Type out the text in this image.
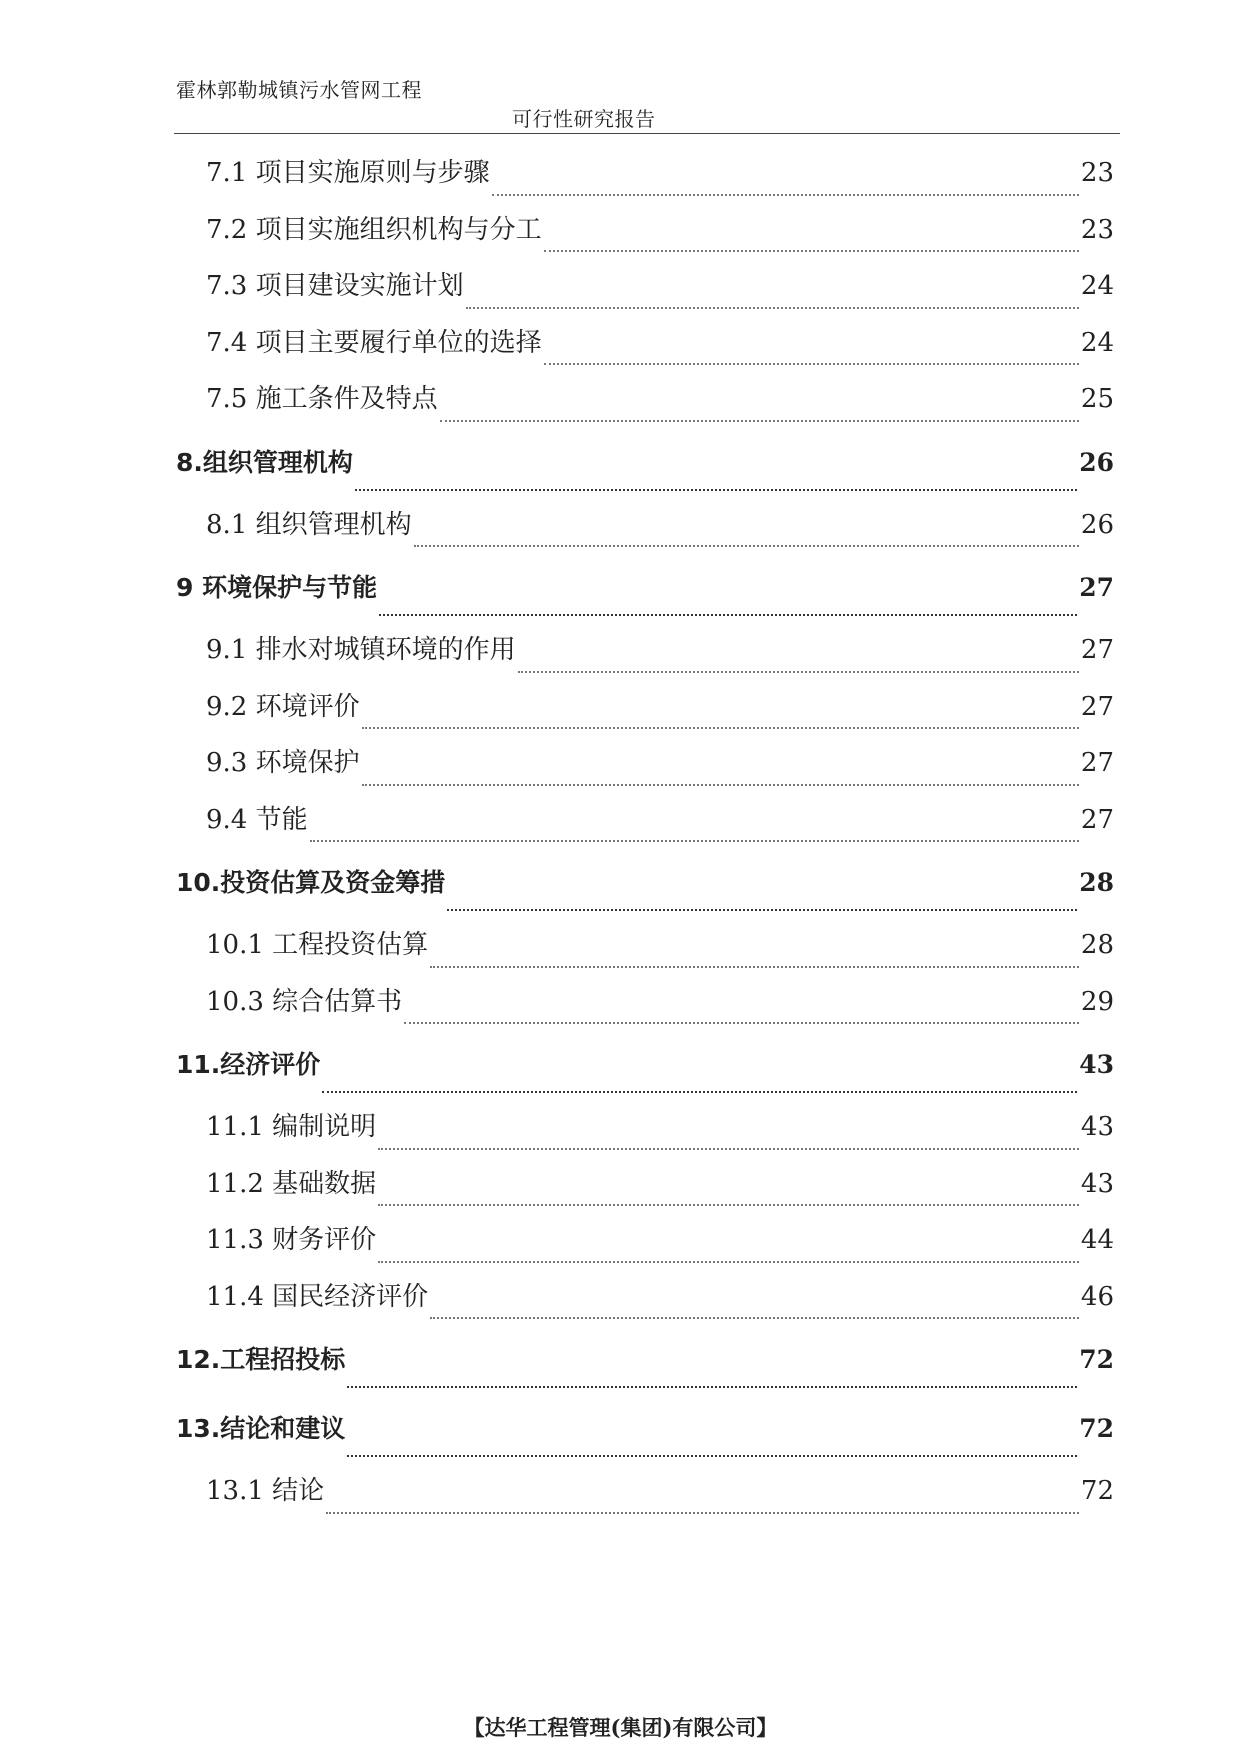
霍林郭勒城镇污水管网工程
可行性研究报告
7.1 项目实施原则与步骤	23
7.2 项目实施组织机构与分工	23
7.3 项目建设实施计划	24
7.4 项目主要履行单位的选择	24
7.5 施工条件及特点	25
8.组织管理机构	26
8.1 组织管理机构	26
9 环境保护与节能	27
9.1 排水对城镇环境的作用	27
9.2 环境评价	27
9.3 环境保护	27
9.4 节能	27
10.投资估算及资金筹措	28
10.1 工程投资估算	28
10.3 综合估算书	29
11.经济评价	43
11.1 编制说明	43
11.2 基础数据	43
11.3 财务评价	44
11.4 国民经济评价	46
12.工程招投标	72
13.结论和建议	72
13.1 结论	72
【达华工程管理(集团)有限公司】
